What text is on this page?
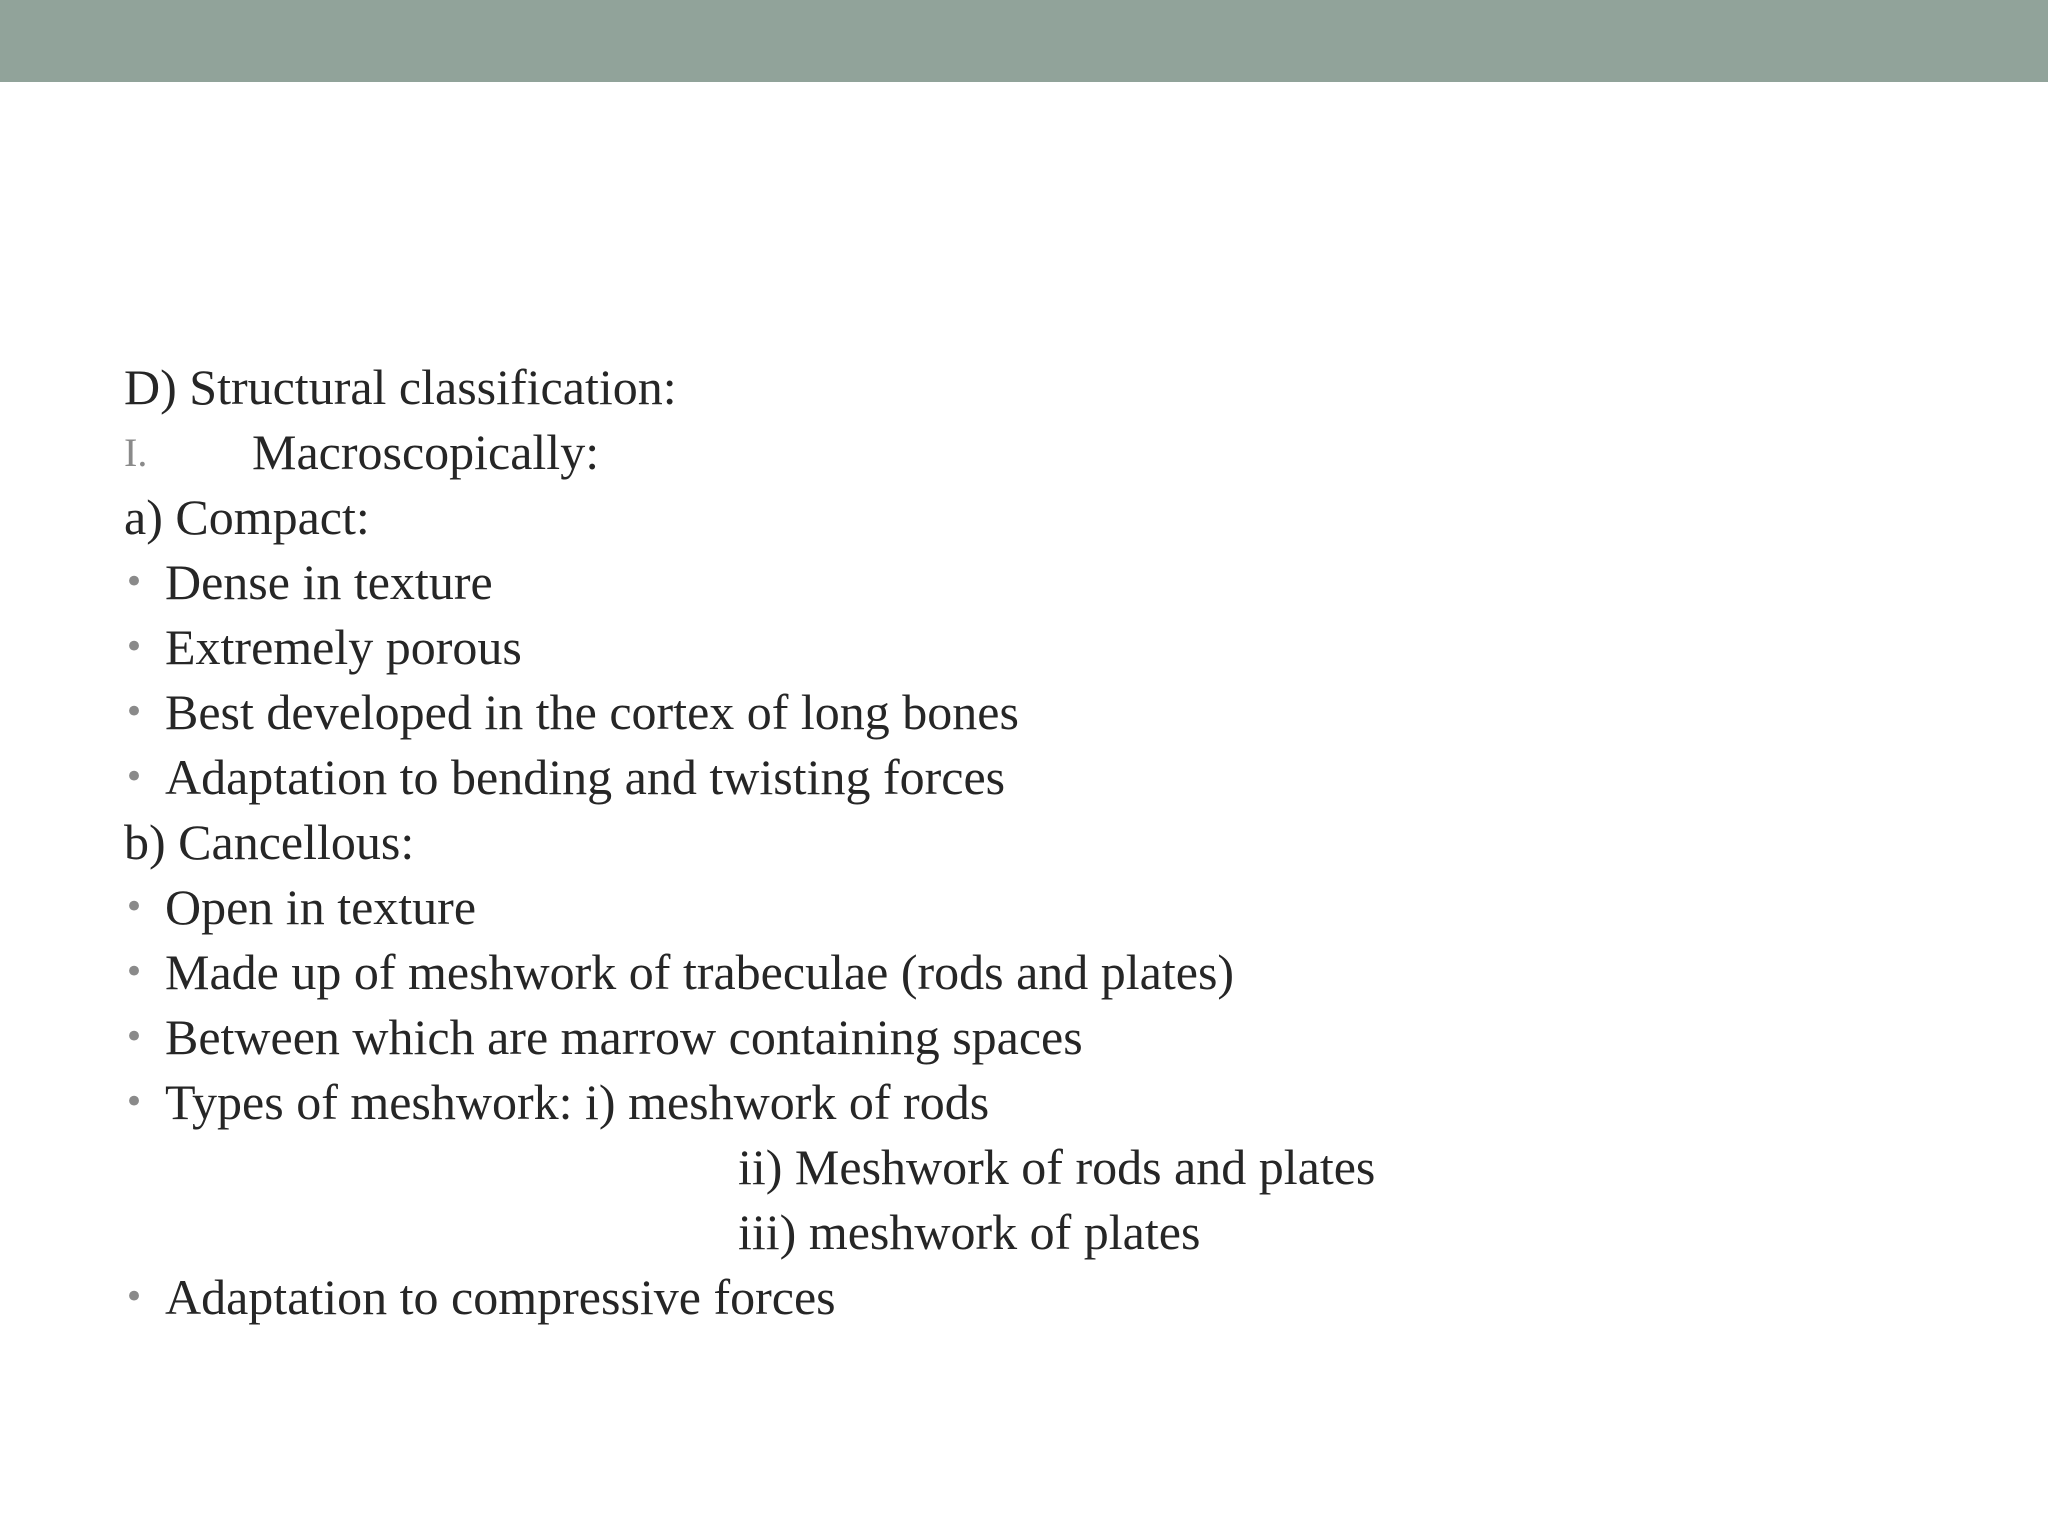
D) Structural classification:
I. Macroscopically:
a) Compact:
• Dense in texture
• Extremely porous
• Best developed in the cortex of long bones
• Adaptation to bending and twisting forces
b) Cancellous:
• Open in texture
• Made up of meshwork of trabeculae (rods and plates)
• Between which are marrow containing spaces
• Types of meshwork: i) meshwork of rods
ii) Meshwork of rods and plates
iii) meshwork of plates
• Adaptation to compressive forces
